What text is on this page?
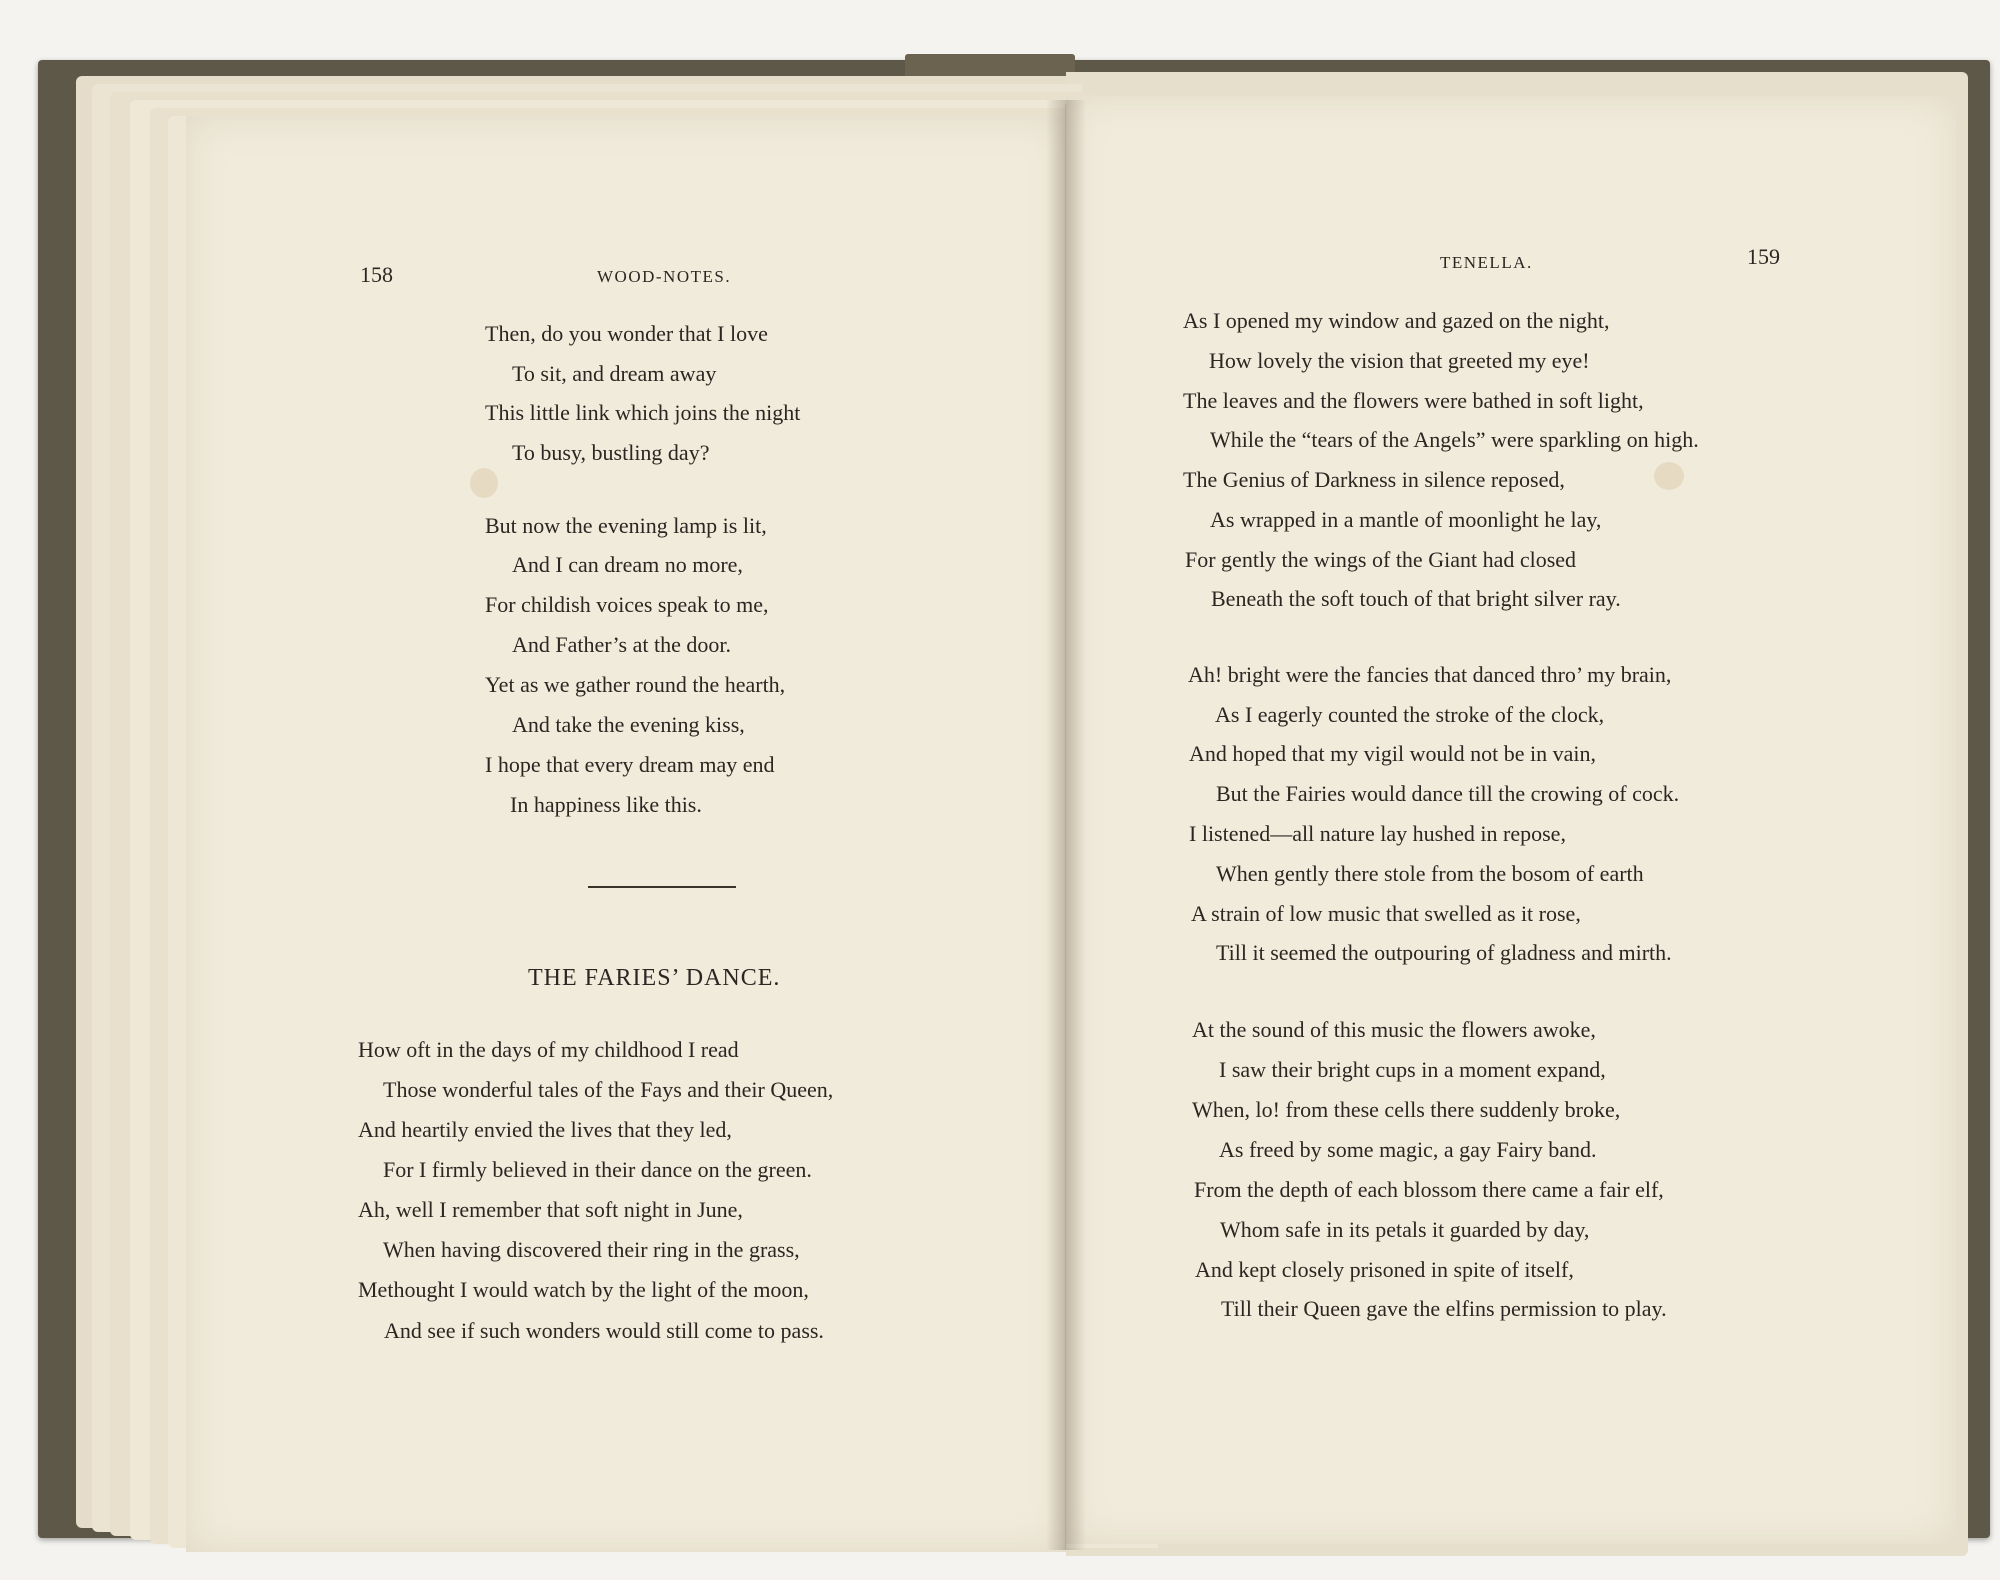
158	WOOD-NOTES.
Then, do you wonder that I love
To sit, and dream away
This little link which joins the night
To busy, bustling day?
But now the evening lamp is lit,
And I can dream no more,
For childish voices speak to me,
And Father’s at the door.
Yet as we gather round the hearth,
And take the evening kiss,
I hope that every dream may end
In happiness like this.
THE FARIES’ DANCE.
How oft in the days of my childhood I read
Those wonderful tales of the Fays and their Queen,
And heartily envied the lives that they led,
For I firmly believed in their dance on the green.
Ah, well I remember that soft night in June,
When having discovered their ring in the grass,
Methought I would watch by the light of the moon,
And see if such wonders would still come to pass.
TENELLA.	159
As I opened my window and gazed on the night,
How lovely the vision that greeted my eye!
The leaves and the flowers were bathed in soft light,
While the “tears of the Angels” were sparkling on high.
The Genius of Darkness in silence reposed,
As wrapped in a mantle of moonlight he lay,
For gently the wings of the Giant had closed
Beneath the soft touch of that bright silver ray.
Ah! bright were the fancies that danced thro’ my brain,
As I eagerly counted the stroke of the clock,
And hoped that my vigil would not be in vain,
But the Fairies would dance till the crowing of cock.
I listened—all nature lay hushed in repose,
When gently there stole from the bosom of earth
A strain of low music that swelled as it rose,
Till it seemed the outpouring of gladness and mirth.
At the sound of this music the flowers awoke,
I saw their bright cups in a moment expand,
When, lo! from these cells there suddenly broke,
As freed by some magic, a gay Fairy band.
From the depth of each blossom there came a fair elf,
Whom safe in its petals it guarded by day,
And kept closely prisoned in spite of itself,
Till their Queen gave the elfins permission to play.
